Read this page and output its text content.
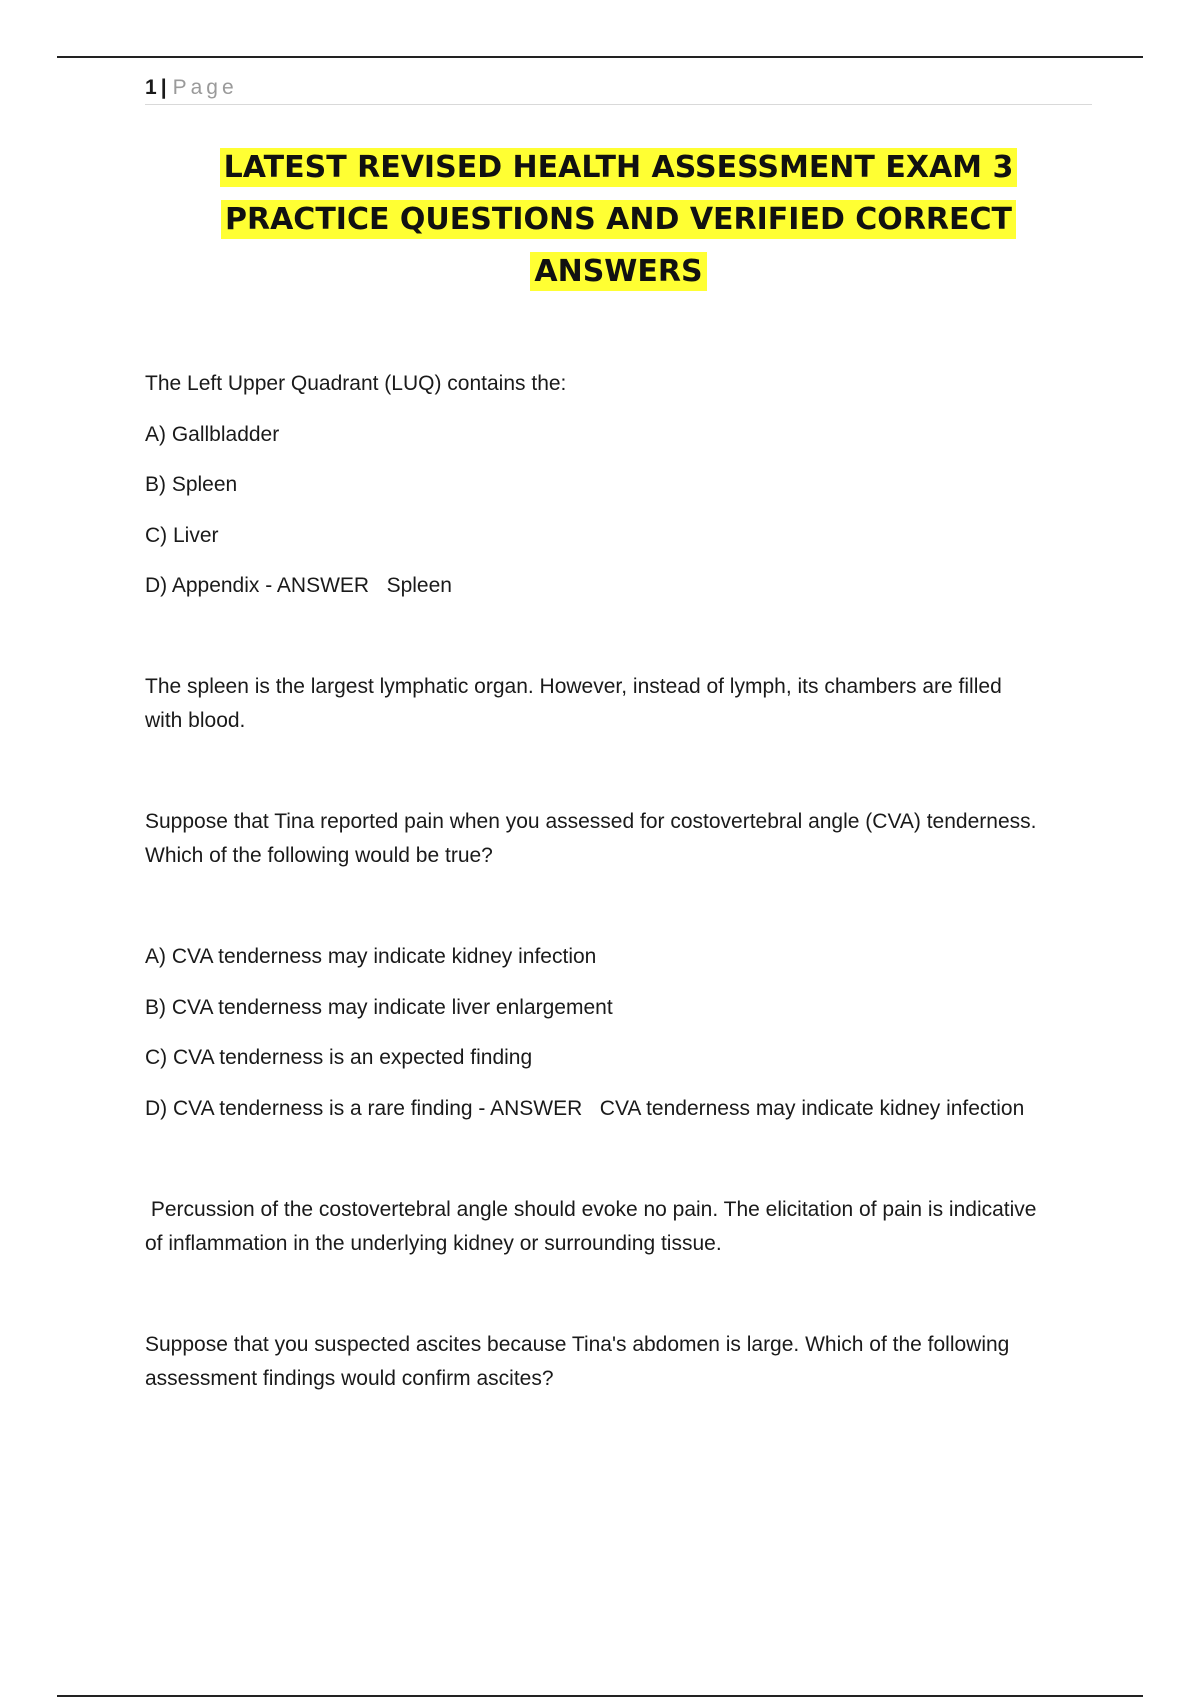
1 | Page
LATEST REVISED HEALTH ASSESSMENT EXAM 3
PRACTICE QUESTIONS AND VERIFIED CORRECT
ANSWERS

The Left Upper Quadrant (LUQ) contains the:

A) Gallbladder

B) Spleen

C) Liver

D) Appendix - ANSWER   Spleen

The spleen is the largest lymphatic organ. However, instead of lymph, its chambers are filled

with blood.

Suppose that Tina reported pain when you assessed for costovertebral angle (CVA) tenderness.

Which of the following would be true?

A) CVA tenderness may indicate kidney infection

B) CVA tenderness may indicate liver enlargement

C) CVA tenderness is an expected finding

D) CVA tenderness is a rare finding - ANSWER   CVA tenderness may indicate kidney infection

Percussion of the costovertebral angle should evoke no pain. The elicitation of pain is indicative

of inflammation in the underlying kidney or surrounding tissue.

Suppose that you suspected ascites because Tina's abdomen is large. Which of the following

assessment findings would confirm ascites?
